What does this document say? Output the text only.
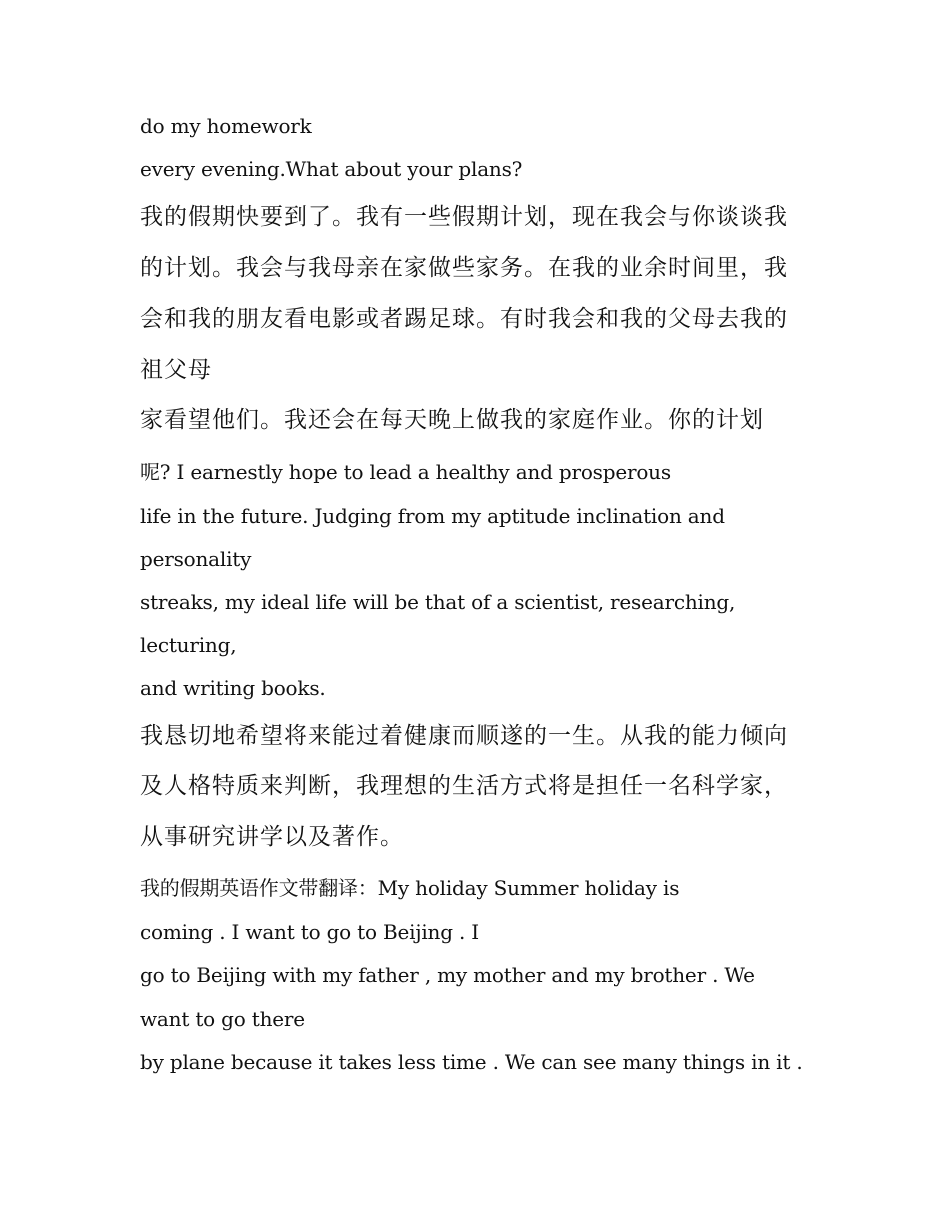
do my homework
every evening.What about your plans?
我的假期快要到了。我有一些假期计划，现在我会与你谈谈我
的计划。我会与我母亲在家做些家务。在我的业余时间里，我
会和我的朋友看电影或者踢足球。有时我会和我的父母去我的
祖父母
家看望他们。我还会在每天晚上做我的家庭作业。你的计划
呢? I earnestly hope to lead a healthy and prosperous
life in the future. Judging from my aptitude inclination and
personality
streaks, my ideal life will be that of a scientist, researching,
lecturing,
and writing books.
我恳切地希望将来能过着健康而顺遂的一生。从我的能力倾向
及人格特质来判断，我理想的生活方式将是担任一名科学家，
从事研究讲学以及著作。
我的假期英语作文带翻译：My holiday Summer holiday is
coming . I want to go to Beijing . I
go to Beijing with my father , my mother and my brother . We
want to go there
by plane because it takes less time . We can see many things in it .
